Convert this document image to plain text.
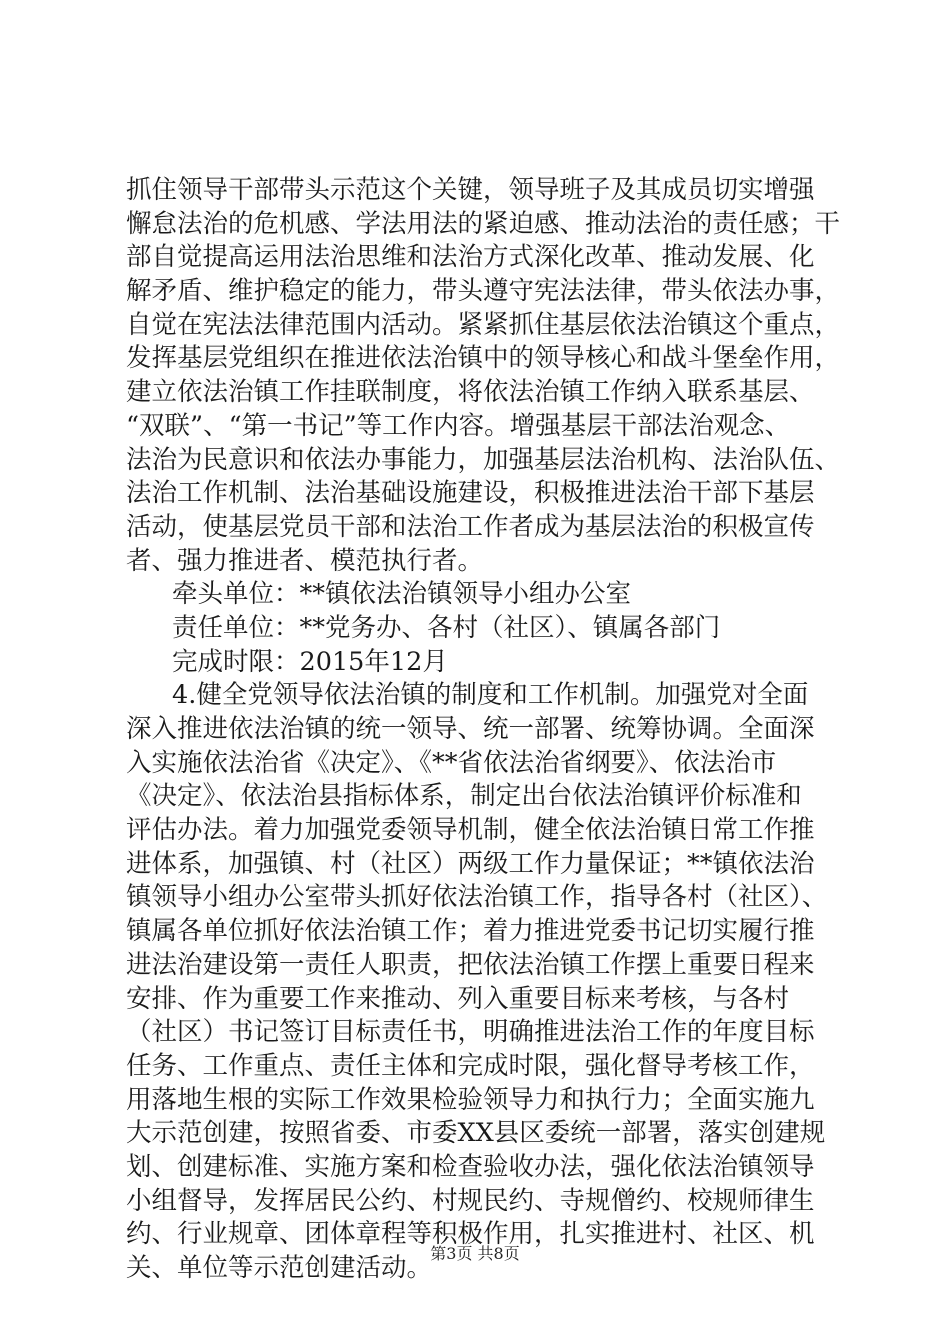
抓住领导干部带头示范这个关键，领导班子及其成员切实增强
懈怠法治的危机感、学法用法的紧迫感、推动法治的责任感；干
部自觉提高运用法治思维和法治方式深化改革、推动发展、化
解矛盾、维护稳定的能力，带头遵守宪法法律，带头依法办事，
自觉在宪法法律范围内活动。紧紧抓住基层依法治镇这个重点，
发挥基层党组织在推进依法治镇中的领导核心和战斗堡垒作用，
建立依法治镇工作挂联制度，将依法治镇工作纳入联系基层、
“双联”、“第一书记”等工作内容。增强基层干部法治观念、
法治为民意识和依法办事能力，加强基层法治机构、法治队伍、
法治工作机制、法治基础设施建设，积极推进法治干部下基层
活动，使基层党员干部和法治工作者成为基层法治的积极宣传
者、强力推进者、模范执行者。
牵头单位：**镇依法治镇领导小组办公室
责任单位：**党务办、各村（社区）、镇属各部门
完成时限：2015年12月
4.健全党领导依法治镇的制度和工作机制。加强党对全面
深入推进依法治镇的统一领导、统一部署、统筹协调。全面深
入实施依法治省《决定》、《**省依法治省纲要》、依法治市
《决定》、依法治县指标体系，制定出台依法治镇评价标准和
评估办法。着力加强党委领导机制，健全依法治镇日常工作推
进体系，加强镇、村（社区）两级工作力量保证；**镇依法治
镇领导小组办公室带头抓好依法治镇工作，指导各村（社区）、
镇属各单位抓好依法治镇工作；着力推进党委书记切实履行推
进法治建设第一责任人职责，把依法治镇工作摆上重要日程来
安排、作为重要工作来推动、列入重要目标来考核，与各村
（社区）书记签订目标责任书，明确推进法治工作的年度目标
任务、工作重点、责任主体和完成时限，强化督导考核工作，
用落地生根的实际工作效果检验领导力和执行力；全面实施九
大示范创建，按照省委、市委XX县区委统一部署，落实创建规
划、创建标准、实施方案和检查验收办法，强化依法治镇领导
小组督导，发挥居民公约、村规民约、寺规僧约、校规师律生
约、行业规章、团体章程等积极作用，扎实推进村、社区、机
关、单位等示范创建活动。
第3页 共8页
